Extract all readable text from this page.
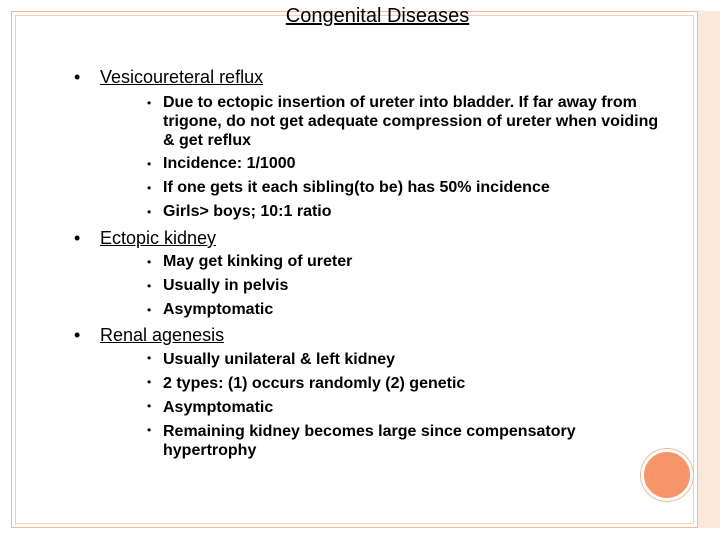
Congenital Diseases
• Vesicoureteral reflux
• Due to ectopic insertion of ureter into bladder. If far away from trigone, do not get adequate compression of ureter when voiding & get reflux
• Incidence: 1/1000
• If one gets it each sibling(to be) has 50% incidence
• Girls> boys; 10:1 ratio
• Ectopic kidney
• May get kinking of ureter
• Usually in pelvis
• Asymptomatic
• Renal agenesis
• Usually unilateral & left kidney
• 2 types: (1) occurs randomly (2) genetic
• Asymptomatic
• Remaining kidney becomes large since compensatory hypertrophy
